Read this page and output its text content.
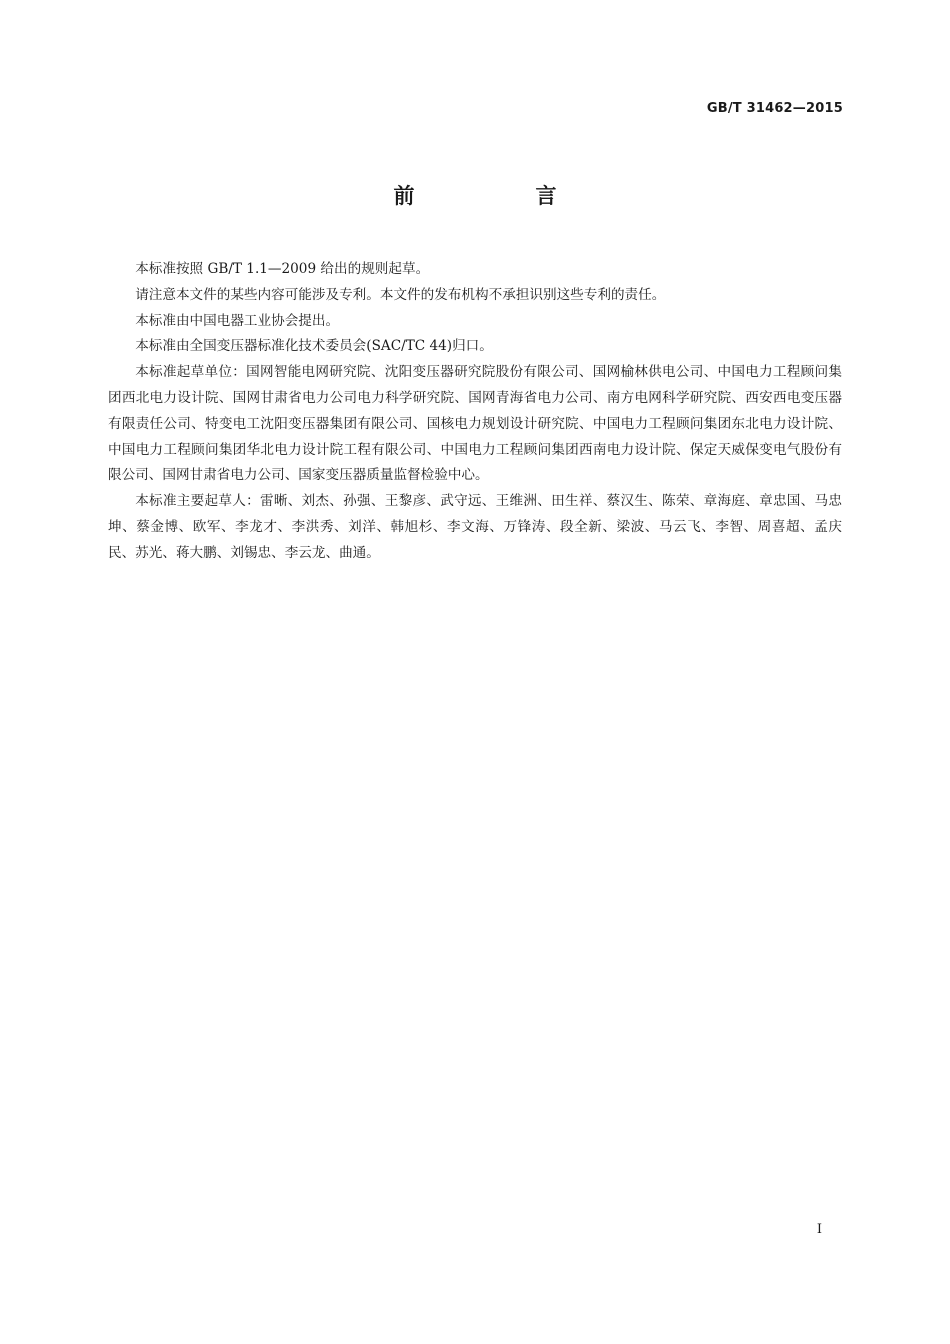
GB/T 31462—2015
前　言

本标准按照 GB/T 1.1—2009 给出的规则起草。

请注意本文件的某些内容可能涉及专利。本文件的发布机构不承担识别这些专利的责任。

本标准由中国电器工业协会提出。

本标准由全国变压器标准化技术委员会(SAC/TC 44)归口。

本标准起草单位：国网智能电网研究院、沈阳变压器研究院股份有限公司、国网榆林供电公司、中国电力工程顾问集团西北电力设计院、国网甘肃省电力公司电力科学研究院、国网青海省电力公司、南方电网科学研究院、西安西电变压器有限责任公司、特变电工沈阳变压器集团有限公司、国核电力规划设计研究院、中国电力工程顾问集团东北电力设计院、中国电力工程顾问集团华北电力设计院工程有限公司、中国电力工程顾问集团西南电力设计院、保定天威保变电气股份有限公司、国网甘肃省电力公司、国家变压器质量监督检验中心。

本标准主要起草人：雷晰、刘杰、孙强、王黎彦、武守远、王维洲、田生祥、蔡汉生、陈荣、章海庭、章忠国、马忠坤、蔡金博、欧军、李龙才、李洪秀、刘洋、韩旭杉、李文海、万锋涛、段全新、梁波、马云飞、李智、周喜超、孟庆民、苏光、蒋大鹏、刘锡忠、李云龙、曲通。

I
